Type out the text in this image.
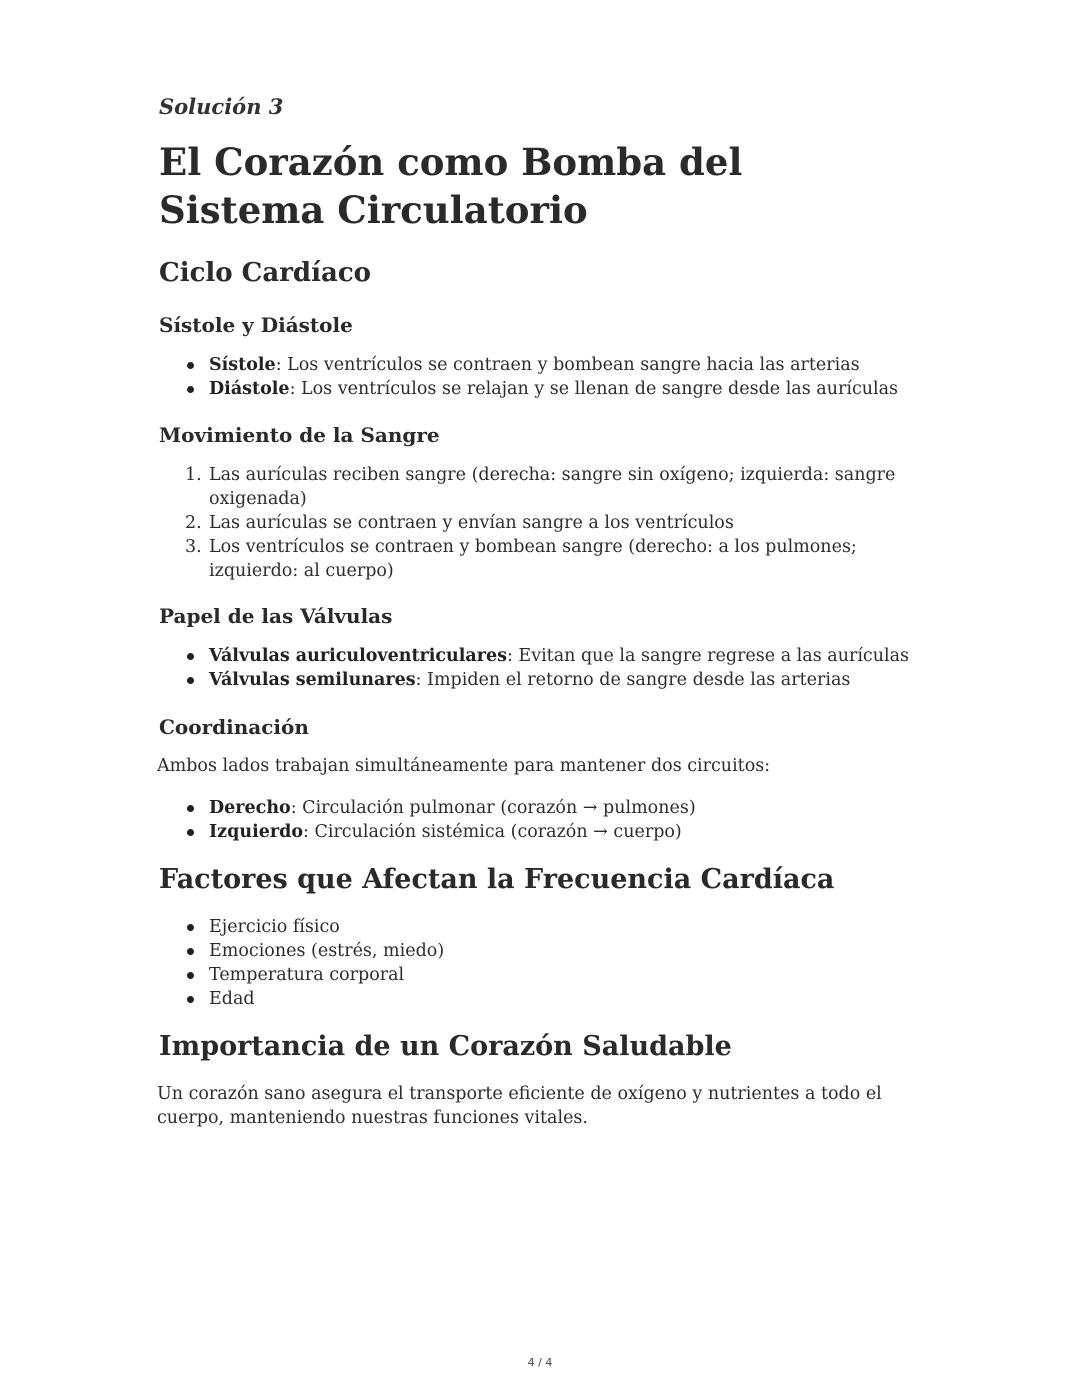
Solución 3

El Corazón como Bomba del Sistema Circulatorio
Ciclo Cardíaco
Sístole y Diástole
Sístole: Los ventrículos se contraen y bombean sangre hacia las arterias
Diástole: Los ventrículos se relajan y se llenan de sangre desde las aurículas
Movimiento de la Sangre
1. Las aurículas reciben sangre (derecha: sangre sin oxígeno; izquierda: sangre oxigenada)
2. Las aurículas se contraen y envían sangre a los ventrículos
3. Los ventrículos se contraen y bombean sangre (derecho: a los pulmones; izquierdo: al cuerpo)
Papel de las Válvulas
Válvulas auriculoventriculares: Evitan que la sangre regrese a las aurículas
Válvulas semilunares: Impiden el retorno de sangre desde las arterias
Coordinación

Ambos lados trabajan simultáneamente para mantener dos circuitos:

Derecho: Circulación pulmonar (corazón → pulmones)
Izquierdo: Circulación sistémica (corazón → cuerpo)
Factores que Afectan la Frecuencia Cardíaca
Ejercicio físico
Emociones (estrés, miedo)
Temperatura corporal
Edad
Importancia de un Corazón Saludable

Un corazón sano asegura el transporte eficiente de oxígeno y nutrientes a todo el cuerpo, manteniendo nuestras funciones vitales.

4 / 4
